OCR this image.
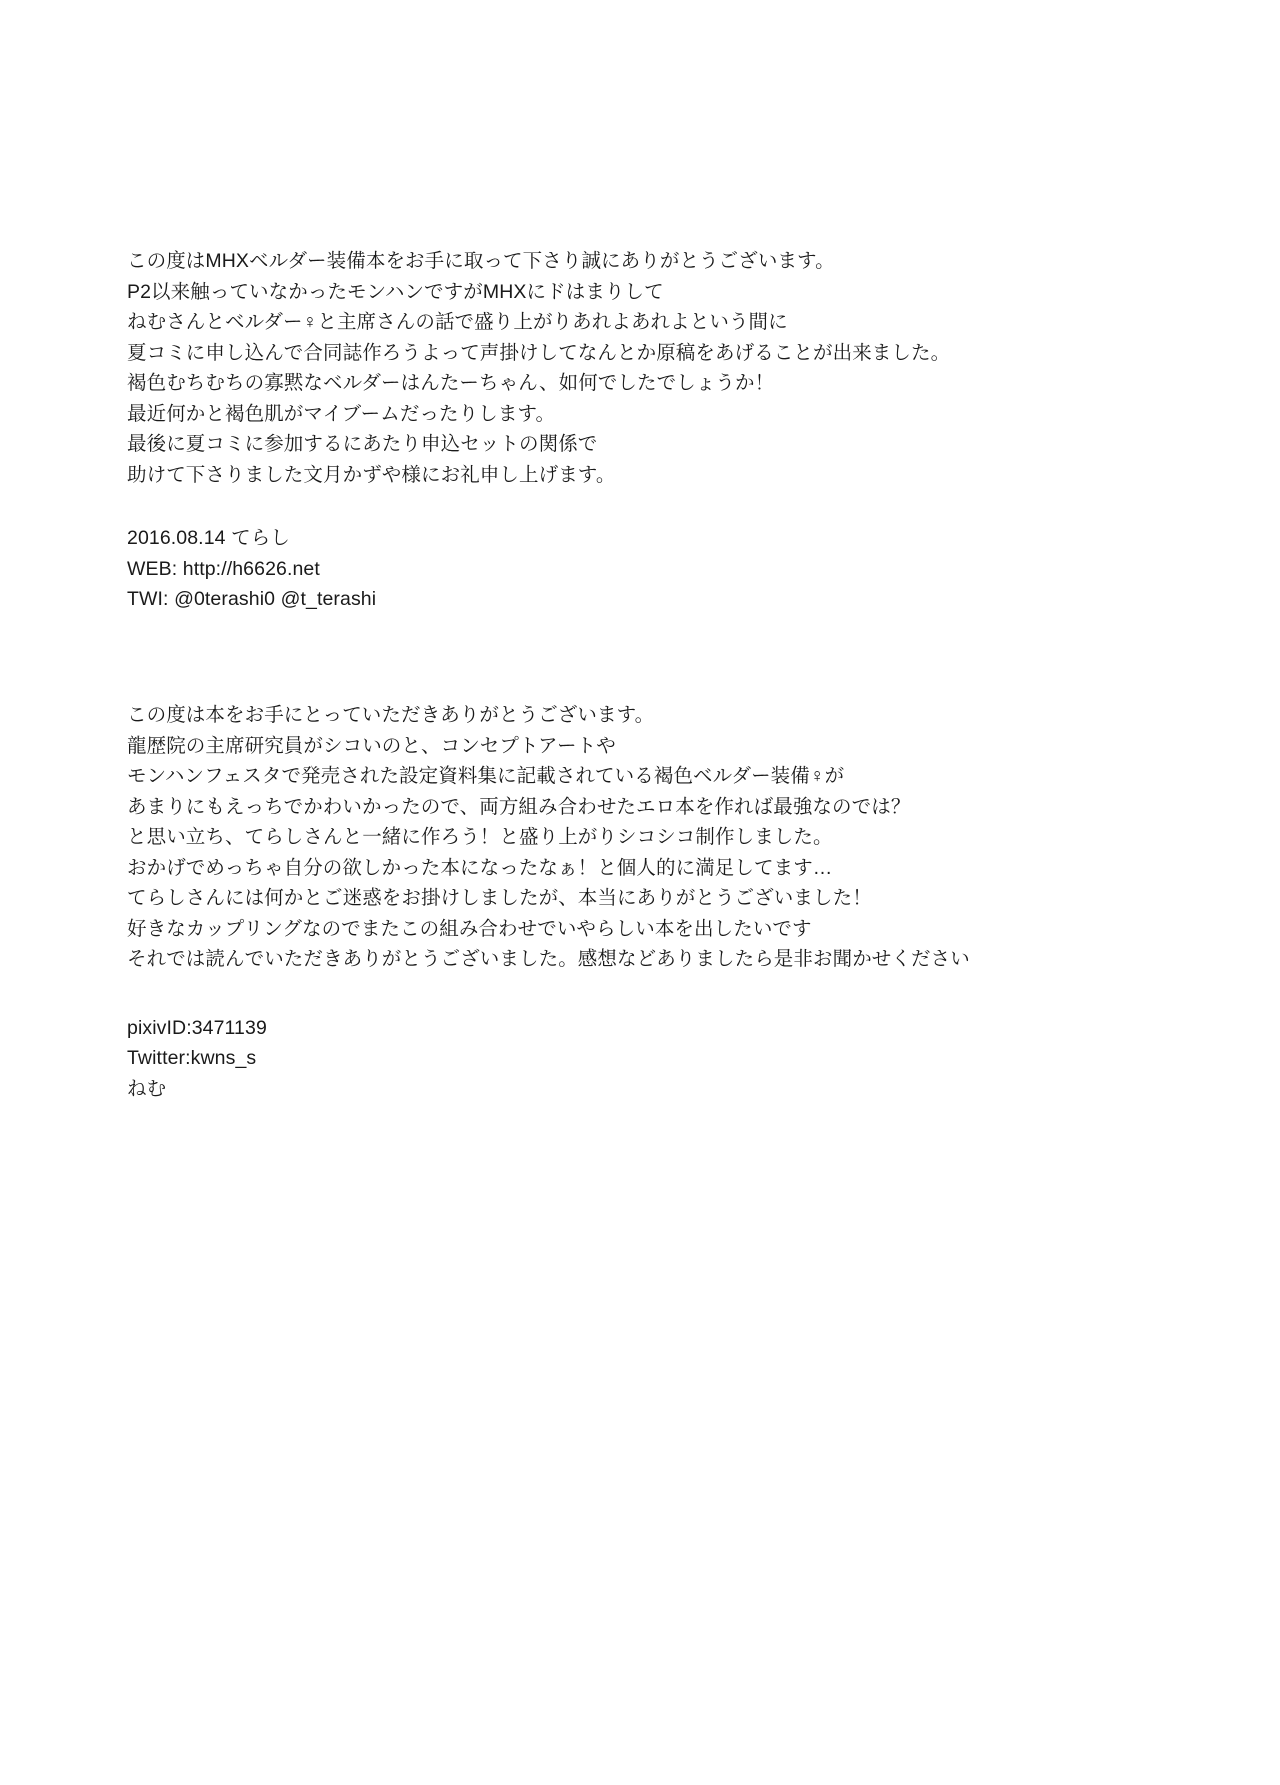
この度はMHXベルダー装備本をお手に取って下さり誠にありがとうございます。
P2以来触っていなかったモンハンですがMHXにドはまりして
ねむさんとベルダー♀と主席さんの話で盛り上がりあれよあれよという間に
夏コミに申し込んで合同誌作ろうよって声掛けしてなんとか原稿をあげることが出来ました。
褐色むちむちの寡黙なベルダーはんたーちゃん、如何でしたでしょうか！
最近何かと褐色肌がマイブームだったりします。
最後に夏コミに参加するにあたり申込セットの関係で
助けて下さりました文月かずや様にお礼申し上げます。
2016.08.14 てらし
WEB: http://h6626.net
TWI: @0terashi0 @t_terashi
この度は本をお手にとっていただきありがとうございます。
龍歴院の主席研究員がシコいのと、コンセプトアートや
モンハンフェスタで発売された設定資料集に記載されている褐色ベルダー装備♀が
あまりにもえっちでかわいかったので、両方組み合わせたエロ本を作れば最強なのでは？
と思い立ち、てらしさんと一緒に作ろう！と盛り上がりシコシコ制作しました。
おかげでめっちゃ自分の欲しかった本になったなぁ！と個人的に満足してます…
てらしさんには何かとご迷惑をお掛けしましたが、本当にありがとうございました！
好きなカップリングなのでまたこの組み合わせでいやらしい本を出したいです
それでは読んでいただきありがとうございました。感想などありましたら是非お聞かせください
pixivID:3471139
Twitter:kwns_s
ねむ
